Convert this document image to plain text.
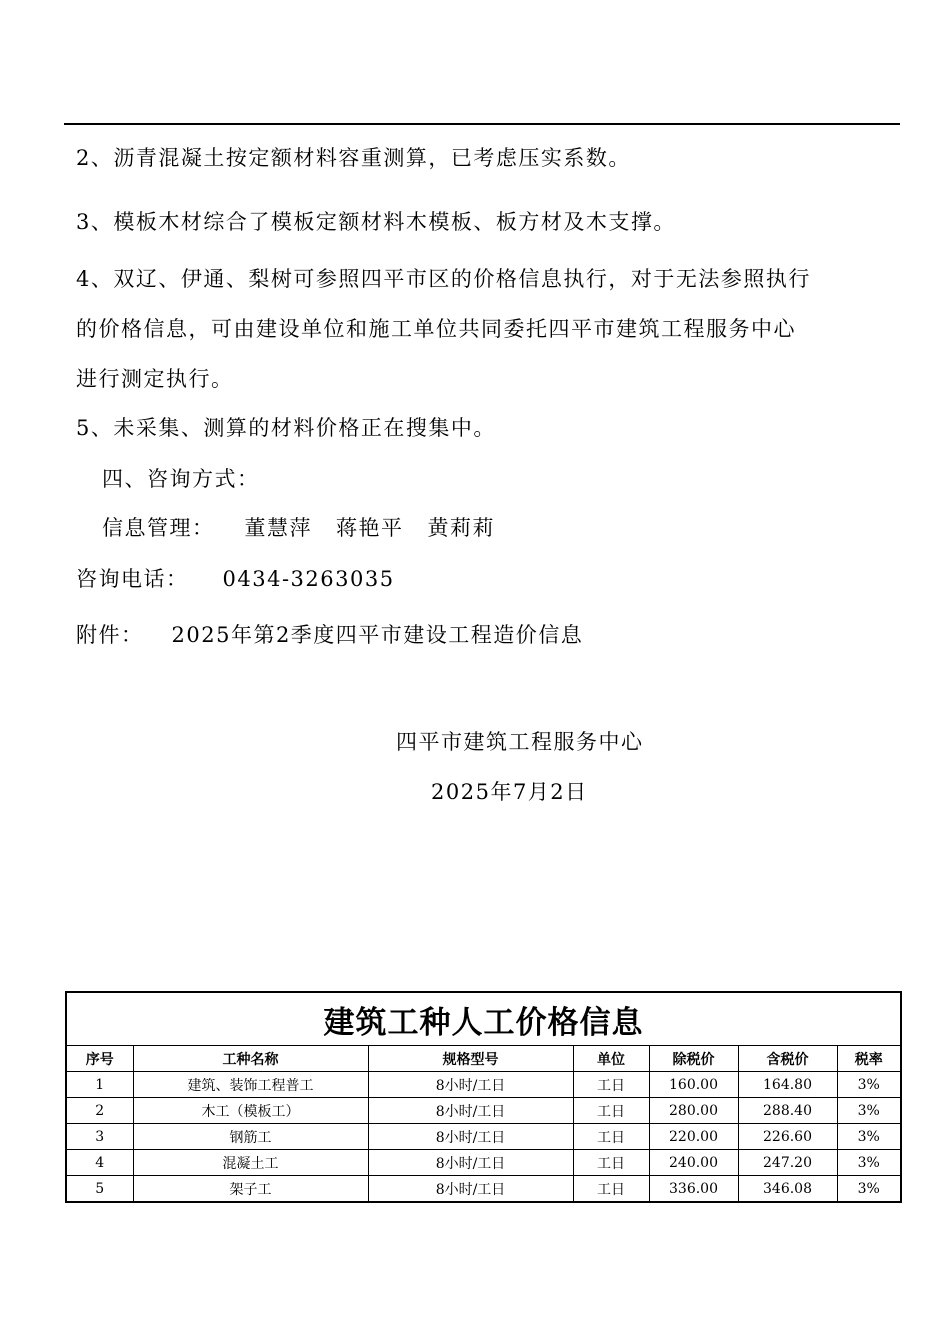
2、沥青混凝土按定额材料容重测算，已考虑压实系数。
3、模板木材综合了模板定额材料木模板、板方材及木支撑。
4、双辽、伊通、梨树可参照四平市区的价格信息执行，对于无法参照执行
的价格信息，可由建设单位和施工单位共同委托四平市建筑工程服务中心
进行测定执行。
5、未采集、测算的材料价格正在搜集中。
四、咨询方式：
信息管理： 董慧萍 蒋艳平 黄莉莉
咨询电话： 0434-3263035
附件： 2025年第2季度四平市建设工程造价信息
四平市建筑工程服务中心
2025年7月2日
建筑工种人工价格信息						
序号	工种名称	规格型号	单位	除税价	含税价	税率
1	建筑、装饰工程普工	8小时/工日	工日	160.00	164.80	3%
2	木工（模板工）	8小时/工日	工日	280.00	288.40	3%
3	钢筋工	8小时/工日	工日	220.00	226.60	3%
4	混凝土工	8小时/工日	工日	240.00	247.20	3%
5	架子工	8小时/工日	工日	336.00	346.08	3%
